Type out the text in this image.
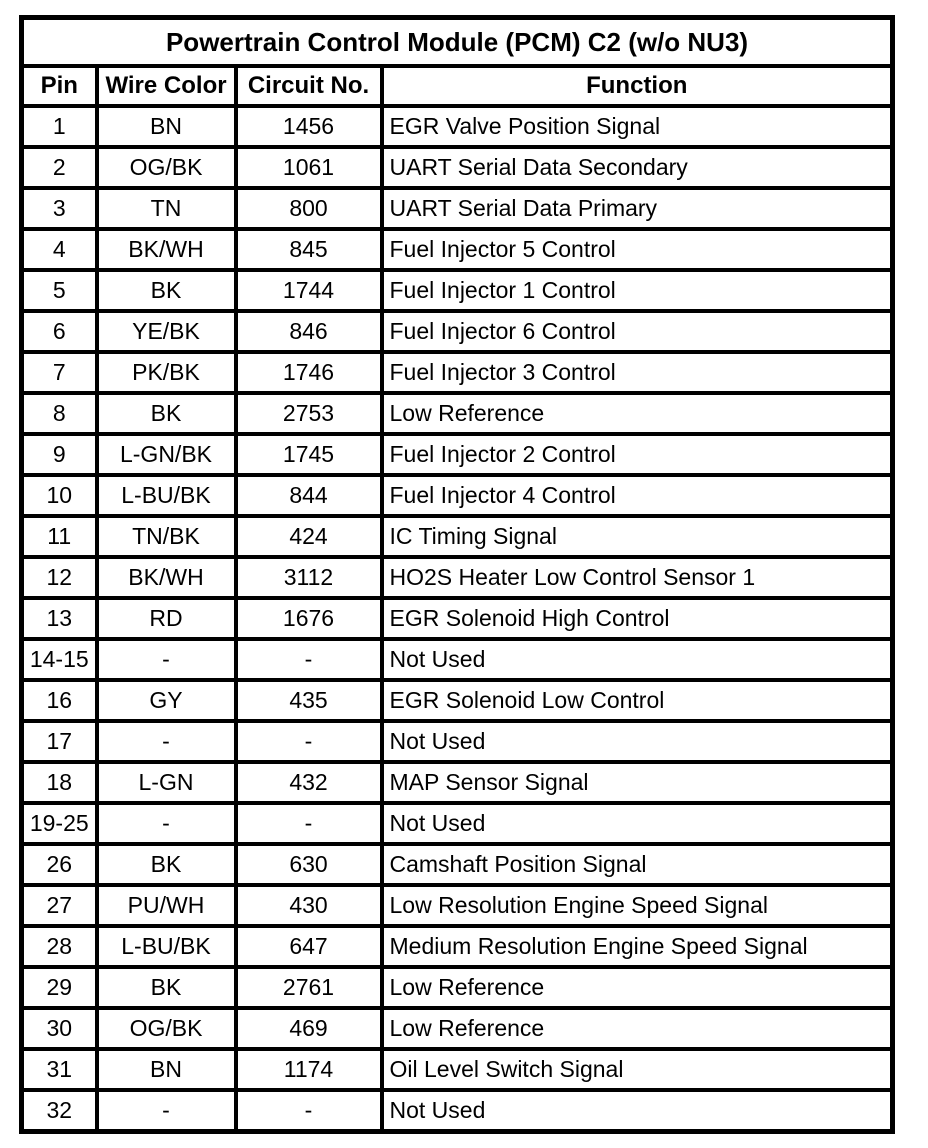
Powertrain Control Module (PCM) C2 (w/o NU3)			
Pin	Wire Color	Circuit No.	Function
1	BN	1456	EGR Valve Position Signal
2	OG/BK	1061	UART Serial Data Secondary
3	TN	800	UART Serial Data Primary
4	BK/WH	845	Fuel Injector 5 Control
5	BK	1744	Fuel Injector 1 Control
6	YE/BK	846	Fuel Injector 6 Control
7	PK/BK	1746	Fuel Injector 3 Control
8	BK	2753	Low Reference
9	L-GN/BK	1745	Fuel Injector 2 Control
10	L-BU/BK	844	Fuel Injector 4 Control
11	TN/BK	424	IC Timing Signal
12	BK/WH	3112	HO2S Heater Low Control Sensor 1
13	RD	1676	EGR Solenoid High Control
14-15	-	-	Not Used
16	GY	435	EGR Solenoid Low Control
17	-	-	Not Used
18	L-GN	432	MAP Sensor Signal
19-25	-	-	Not Used
26	BK	630	Camshaft Position Signal
27	PU/WH	430	Low Resolution Engine Speed Signal
28	L-BU/BK	647	Medium Resolution Engine Speed Signal
29	BK	2761	Low Reference
30	OG/BK	469	Low Reference
31	BN	1174	Oil Level Switch Signal
32	-	-	Not Used
